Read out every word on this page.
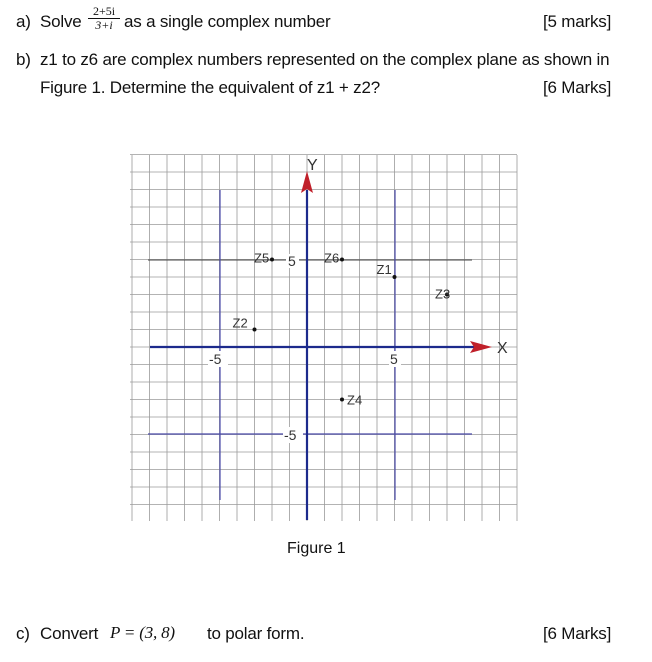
a) Solve $\frac{2+5i}{3+i}$ as a single complex number	[5 marks]
b) z1 to z6 are complex numbers represented on the complex plane as shown in
Figure 1. Determine the equivalent of z1 + z2?	[6 Marks]
X
Y
-5	5
5
-5
Z1
Z2
Z3
Z4
Z5	Z6
Figure 1
c) Convert P = (3, 8) to polar form.	[6 Marks]
